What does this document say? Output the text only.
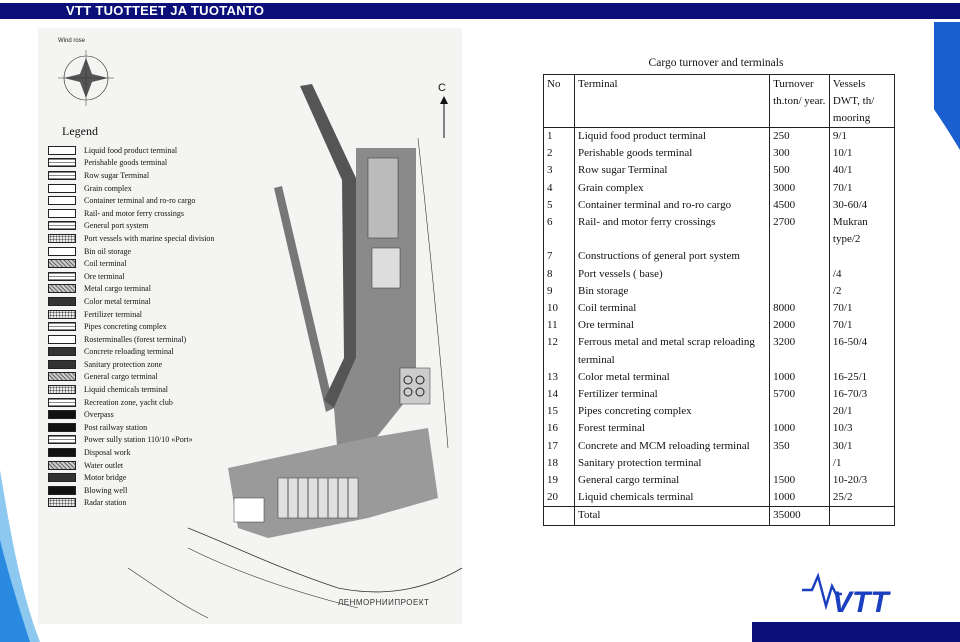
VTT TUOTTEET JA TUOTANTO
Wind rose
C
Legend
Liquid food product terminal
Perishable goods terminal
Row sugar Terminal
Grain complex
Container terminal and ro-ro cargo
Rail- and motor ferry crossings
General port system
Port vessels with marine special division
Bin oil storage
Coil terminal
Ore terminal
Metal cargo terminal
Color metal terminal
Fertilizer terminal
Pipes concreting complex
Rosterminalles (forest terminal)
Concrete reloading terminal
Sanitary protection zone
General cargo terminal
Liquid chemicals terminal
Recreation zone, yacht club
Overpass
Post railway station
Power sully station 110/10 «Port»
Disposal work
Water outlet
Motor bridge
Blowing well
Radar station
ЛЕНМОРНИИПРОЕКТ
Cargo turnover and terminals
No	Terminal	Turnover th.ton/ year.	Vessels DWT, th/ mooring
1	Liquid food product terminal	250	9/1
2	Perishable goods terminal	300	10/1
3	Row sugar Terminal	500	40/1
4	Grain complex	3000	70/1
5	Container terminal and ro-ro cargo	4500	30-60/4
6	Rail- and motor ferry crossings	2700	Mukran type/2
7	Constructions of general port system		
8	Port vessels ( base)		/4
9	Bin storage		/2
10	Coil terminal	8000	70/1
11	Ore terminal	2000	70/1
12	Ferrous metal and metal scrap reloading terminal	3200	16-50/4
13	Color metal terminal	1000	16-25/1
14	Fertilizer terminal	5700	16-70/3
15	Pipes concreting complex		20/1
16	Forest terminal	1000	10/3
17	Concrete and MCM reloading terminal	350	30/1
18	Sanitary protection terminal		/1
19	General cargo terminal	1500	10-20/3
20	Liquid chemicals terminal	1000	25/2
	Total	35000	
VTT
